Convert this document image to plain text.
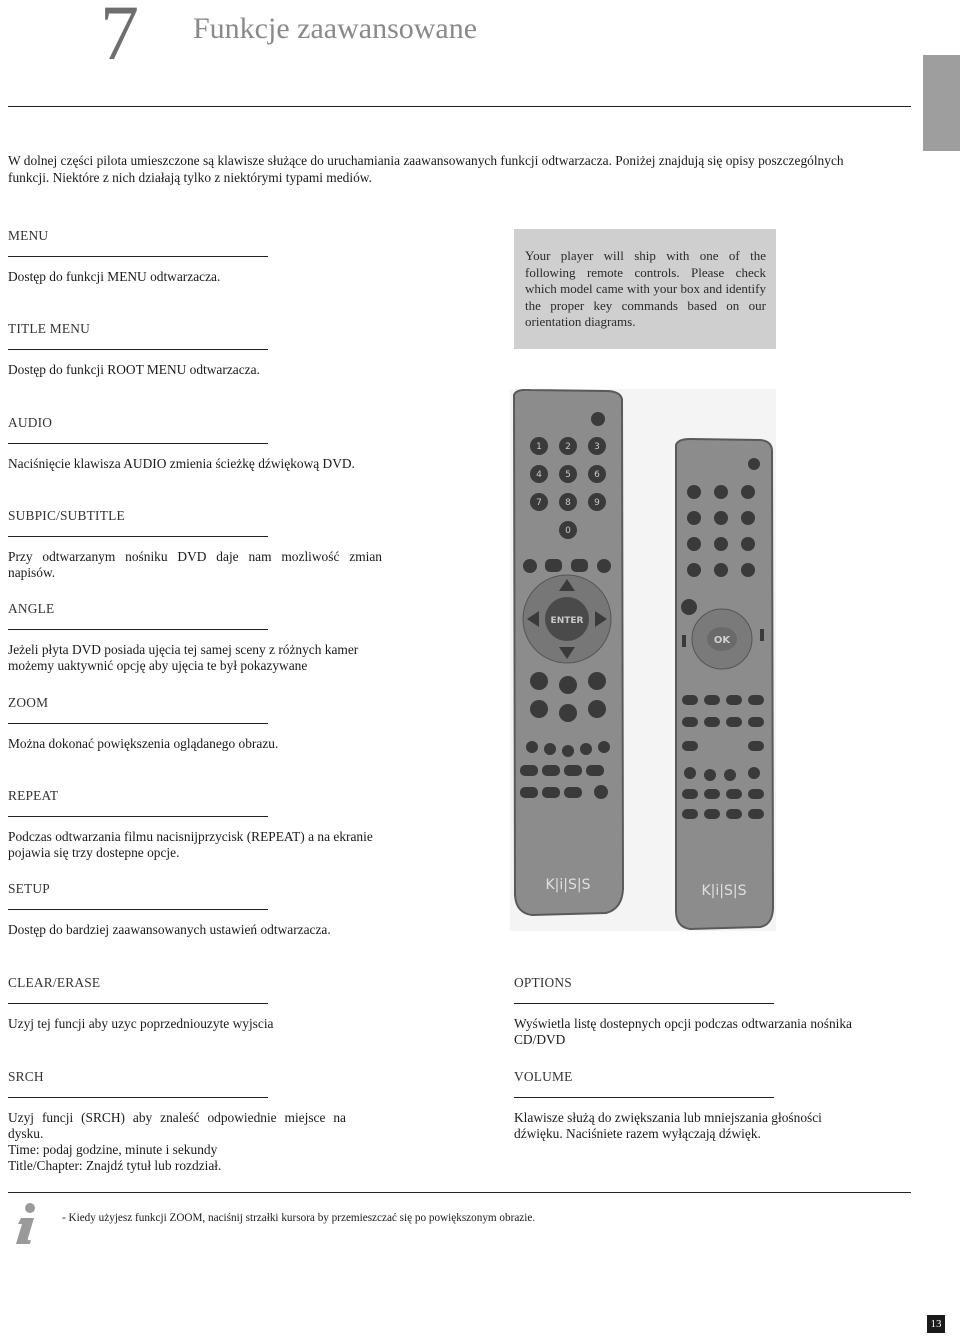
7 Funkcje zaawansowane
W dolnej części pilota umieszczone są klawisze służące do uruchamiania zaawansowanych funkcji odtwarzacza. Poniżej znajdują się opisy poszczególnych funkcji. Niektóre z nich działają tylko z niektórymi typami mediów.
MENU
Dostęp do funkcji MENU odtwarzacza.
TITLE MENU
Dostęp do funkcji ROOT MENU odtwarzacza.
AUDIO
Naciśnięcie klawisza AUDIO zmienia ścieżkę dźwiękową DVD.
SUBPIC/SUBTITLE
Przy odtwarzanym nośniku DVD daje nam mozliwość zmian napisów.
ANGLE
Jeżeli płyta DVD posiada ujęcia tej samej sceny z różnych kamer możemy uaktywnić opcję aby ujęcia te był pokazywane
ZOOM
Można dokonać powiększenia oglądanego obrazu.
REPEAT
Podczas odtwarzania filmu nacisnijprzycisk (REPEAT) a na ekranie pojawia się trzy dostepne opcje.
SETUP
Dostęp do bardziej zaawansowanych ustawień odtwarzacza.
CLEAR/ERASE
Uzyj tej funcji aby uzyc poprzedniouzyte wyjscia
SRCH
Uzyj funcji (SRCH) aby znaleść odpowiednie miejsce na dysku.
Time: podaj godzine, minute i sekundy
Title/Chapter: Znajdź tytuł lub rozdział.
OPTIONS
Wyświetla listę dostepnych opcji podczas odtwarzania nośnika CD/DVD
VOLUME
Klawisze służą do zwiększania lub mniejszania głośności dźwięku. Naciśniete razem wyłączają dźwięk.
Your player will ship with one of the following remote controls. Please check which model came with your box and identify the proper key commands based on our orientation diagrams.
1	2	3
4	5	6
7	8	9
0
ENTER
K|i|S|S
OK
K|i|S|S
- Kiedy użyjesz funkcji ZOOM, naciśnij strzałki kursora by przemieszczać się po powiększonym obrazie.
13
